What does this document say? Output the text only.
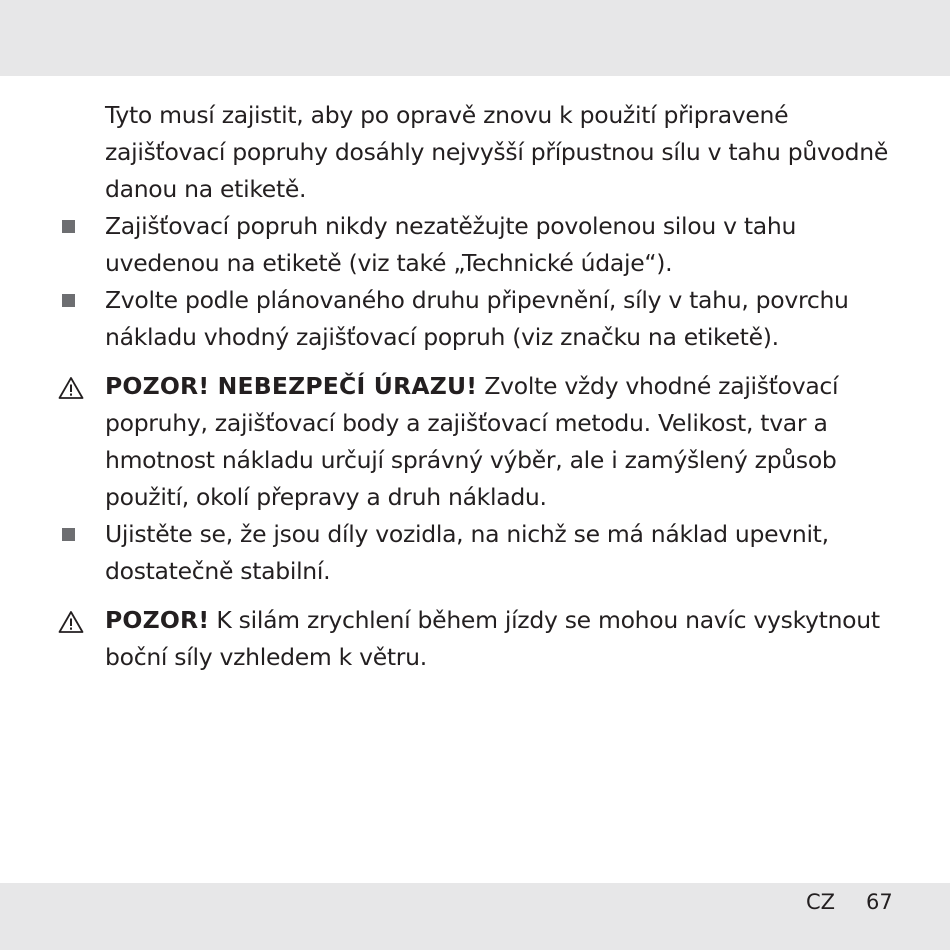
Tyto musí zajistit, aby po opravě znovu k použití připravené zajišťovací popruhy dosáhly nejvyšší přípustnou sílu v tahu původně danou na etiketě.
Zajišťovací popruh nikdy nezatěžujte povolenou silou v tahu uvedenou na etiketě (viz také „Technické údaje“).
Zvolte podle plánovaného druhu připevnění, síly v tahu, povrchu nákladu vhodný zajišťovací popruh (viz značku na etiketě).
POZOR! NEBEZPEČÍ ÚRAZU! Zvolte vždy vhodné zajišťovací popruhy, zajišťovací body a zajišťovací metodu. Velikost, tvar a hmotnost nákladu určují správný výběr, ale i zamýšlený způsob použití, okolí přepravy a druh nákladu.
Ujistěte se, že jsou díly vozidla, na nichž se má náklad upevnit, dostatečně stabilní.
POZOR! K silám zrychlení během jízdy se mohou navíc vyskytnout boční síly vzhledem k větru.
CZ 67
